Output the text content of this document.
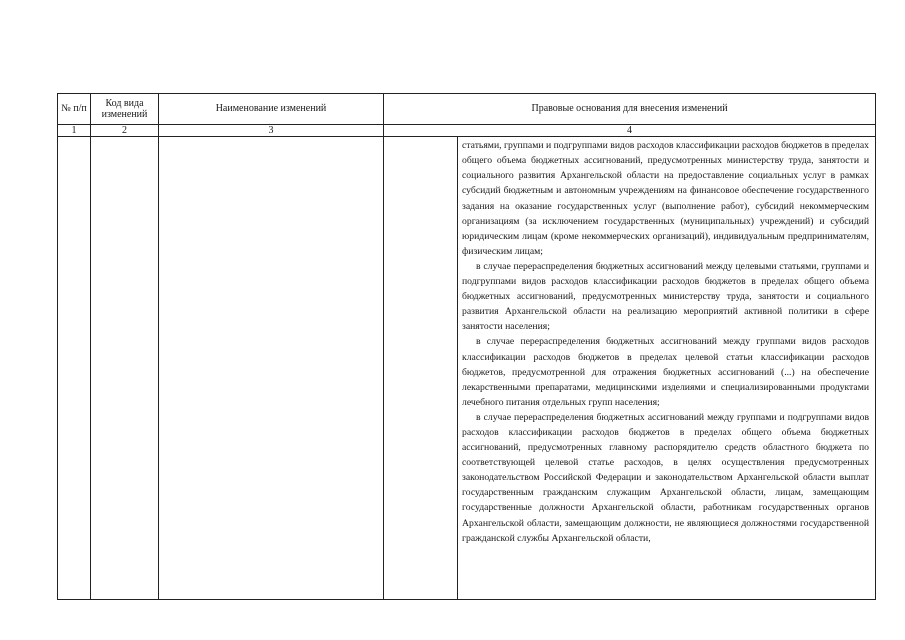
№ п/п	Код вида изменений	Наименование изменений	Правовые основания для внесения изменений	
1	2	3	4	

				статьями, группами и подгруппами видов расходов классификации расходов бюджетов в пределах общего объема бюджетных ассигнований, предусмотренных министерству труда, занятости и социального развития Архангельской области на предоставление социальных услуг в рамках субсидий бюджетным и автономным учреждениям на финансовое обеспечение государственного задания на оказание государственных услуг (выполнение работ), субсидий некоммерческим организациям (за исключением государственных (муниципальных) учреждений) и субсидий юридическим лицам (кроме некоммерческих организаций), индивидуальным предпринимателям, физическим лицам;
в случае перераспределения бюджетных ассигнований между целевыми статьями, группами и подгруппами видов расходов классификации расходов бюджетов в пределах общего объема бюджетных ассигнований, предусмотренных министерству труда, занятости и социального развития Архангельской области на реализацию мероприятий активной политики в сфере занятости населения;
в случае перераспределения бюджетных ассигнований между группами видов расходов классификации расходов бюджетов в пределах целевой статьи классификации расходов бюджетов, предусмотренной для отражения бюджетных ассигнований (...) на обеспечение лекарственными препаратами, медицинскими изделиями и специализированными продуктами лечебного питания отдельных групп населения;
в случае перераспределения бюджетных ассигнований между группами и подгруппами видов расходов классификации расходов бюджетов в пределах общего объема бюджетных ассигнований, предусмотренных главному распорядителю средств областного бюджета по соответствующей целевой статье расходов, в целях осуществления предусмотренных законодательством Российской Федерации и законодательством Архангельской области выплат государственным гражданским служащим Архангельской области, лицам, замещающим государственные должности Архангельской области, работникам государственных органов Архангельской области, замещающим должности, не являющиеся должностями государственной гражданской службы Архангельской области,
